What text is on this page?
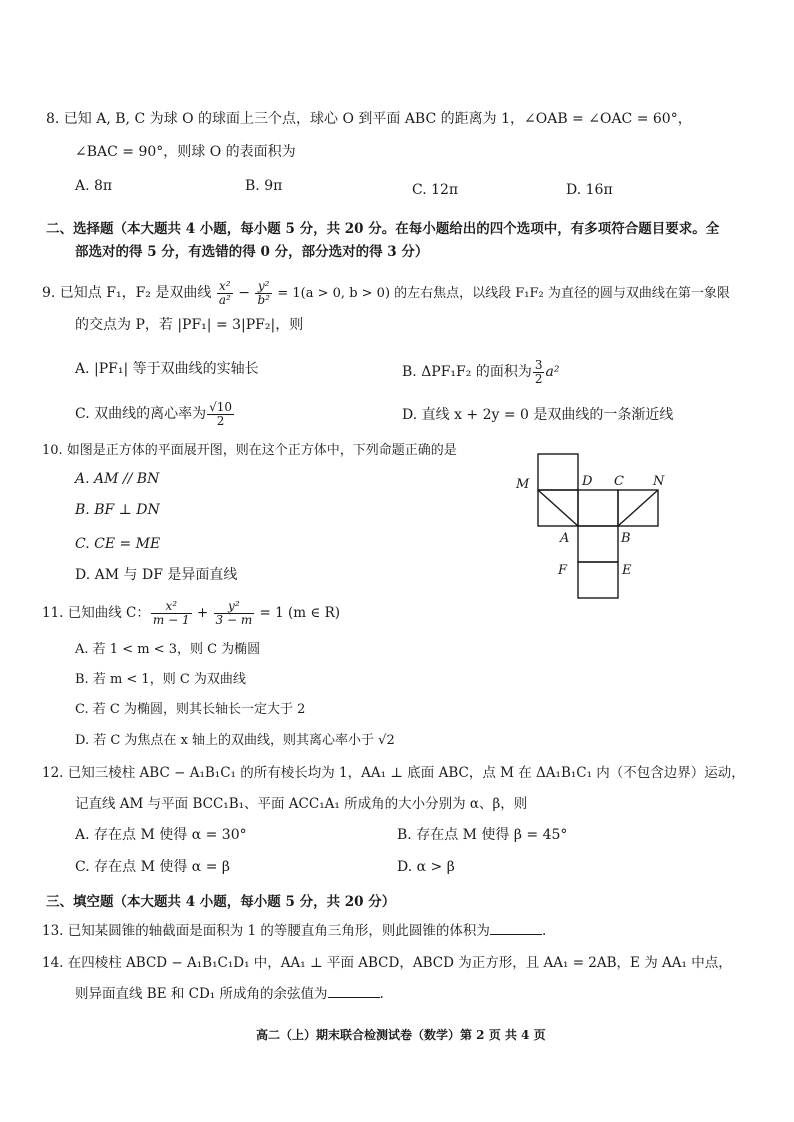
8. 已知 A, B, C 为球 O 的球面上三个点，球心 O 到平面 ABC 的距离为 1，∠OAB = ∠OAC = 60°，
∠BAC = 90°，则球 O 的表面积为
A. 8π	B. 9π	C. 12π	D. 16π
二、选择题（本大题共 4 小题，每小题 5 分，共 20 分。在每小题给出的四个选项中，有多项符合题目要求。全
部选对的得 5 分，有选错的得 0 分，部分选对的得 3 分）
9. 已知点 F₁，F₂ 是双曲线 $\frac{\text{x²}}{\text{a²}} - \frac{\text{y²}}{\text{b²}} = 1(a > 0$, b > 0) 的左右焦点，以线段 F₁F₂ 为直径的圆与双曲线在第一象限
的交点为 P，若 |PF₁| = 3|PF₂|，则
A. |PF₁| 等于双曲线的实轴长	B. ΔPF₁F₂ 的面积为 $\frac{3}{2} a^2$
C. 双曲线的离心率为 $\frac{√10}{2}$	D. 直线 x + 2y = 0 是双曲线的一条渐近线
10. 如图是正方体的平面展开图，则在这个正方体中，下列命题正确的是
A. AM // BN
B. BF ⊥ DN
C. CE = ME
D. AM 与 DF 是异面直线
M	D C N
A	B
F	E
11. 已知曲线 C： $\frac{\text{x²}}{m - 1} + \frac{\text{y²}}{3 - m} = 1$ (m ∈ R)
A. 若 1 < m < 3，则 C 为椭圆
B. 若 m < 1，则 C 为双曲线
C. 若 C 为椭圆，则其长轴长一定大于 2
D. 若 C 为焦点在 x 轴上的双曲线，则其离心率小于 √2
12. 已知三棱柱 ABC − A₁B₁C₁ 的所有棱长均为 1，AA₁ ⊥ 底面 ABC，点 M 在 ΔA₁B₁C₁ 内（不包含边界）运动，
记直线 AM 与平面 BCC₁B₁、平面 ACC₁A₁ 所成角的大小分别为 α、β，则
A. 存在点 M 使得 α = 30°	B. 存在点 M 使得 β = 45°
C. 存在点 M 使得 α = β	D. α > β
三、填空题（本大题共 4 小题，每小题 5 分，共 20 分）
13. 已知某圆锥的轴截面是面积为 1 的等腰直角三角形，则此圆锥的体积为	.
14. 在四棱柱 ABCD − A₁B₁C₁D₁ 中，AA₁ ⊥ 平面 ABCD，ABCD 为正方形，且 AA₁ = 2AB，E 为 AA₁ 中点，
则异面直线 BE 和 CD₁ 所成角的余弦值为	.
高二（上）期末联合检测试卷（数学）第 2 页 共 4 页
